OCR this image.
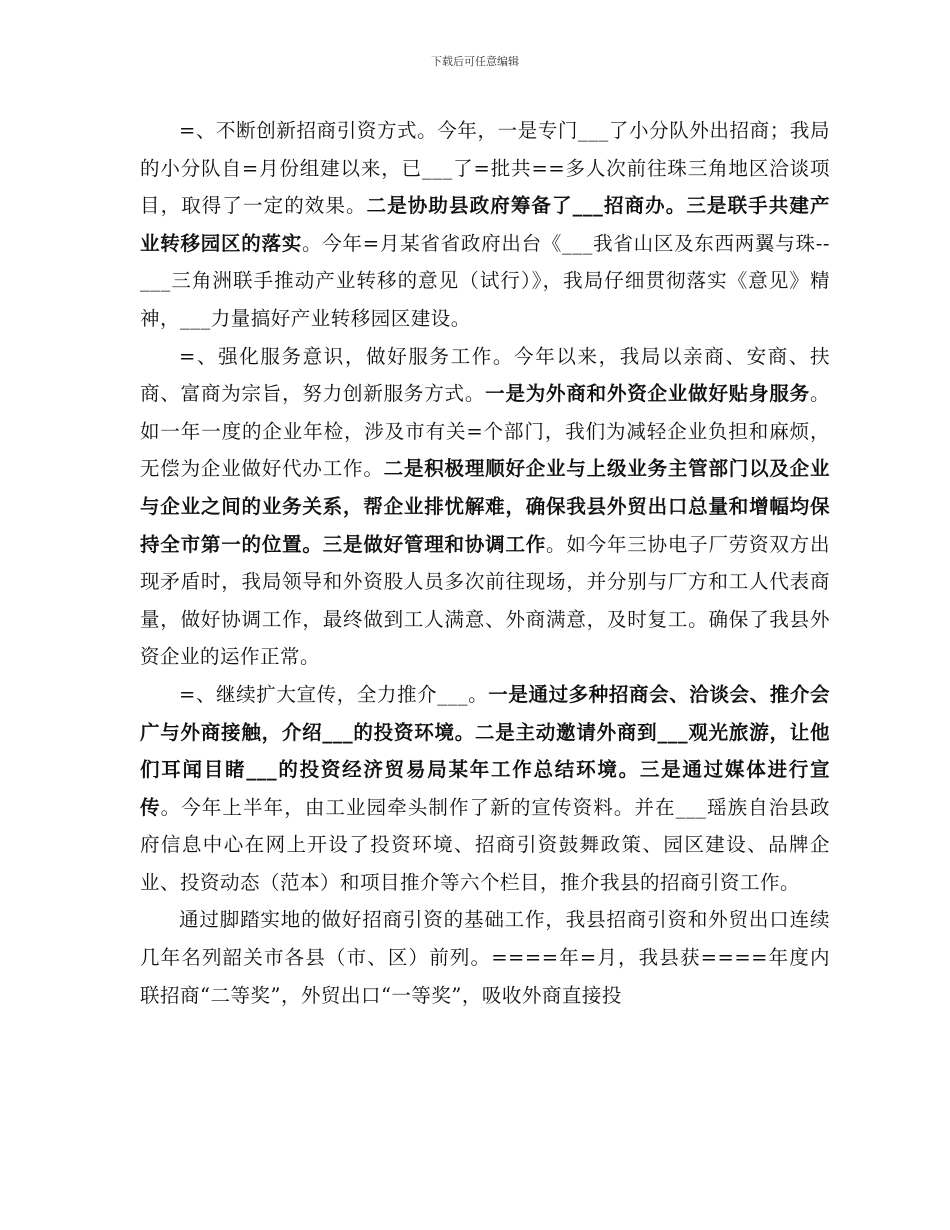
下载后可任意编辑

=、不断创新招商引资方式。今年，一是专门___了小分队外出招商；我局的小分队自=月份组建以来，已___了=批共==多人次前往珠三角地区洽谈项目，取得了一定的效果。二是协助县政府筹备了___招商办。三是联手共建产业转移园区的落实。今年=月某省省政府出台《___我省山区及东西两翼与珠--___三角洲联手推动产业转移的意见（试行）》，我局仔细贯彻落实《意见》精神，___力量搞好产业转移园区建设。

=、强化服务意识，做好服务工作。今年以来，我局以亲商、安商、扶商、富商为宗旨，努力创新服务方式。一是为外商和外资企业做好贴身服务。如一年一度的企业年检，涉及市有关=个部门，我们为减轻企业负担和麻烦，无偿为企业做好代办工作。二是积极理顺好企业与上级业务主管部门以及企业与企业之间的业务关系，帮企业排忧解难，确保我县外贸出口总量和增幅均保持全市第一的位置。三是做好管理和协调工作。如今年三协电子厂劳资双方出现矛盾时，我局领导和外资股人员多次前往现场，并分别与厂方和工人代表商量，做好协调工作，最终做到工人满意、外商满意，及时复工。确保了我县外资企业的运作正常。

=、继续扩大宣传，全力推介___。一是通过多种招商会、洽谈会、推介会广与外商接触，介绍___的投资环境。二是主动邀请外商到___观光旅游，让他们耳闻目睹___的投资经济贸易局某年工作总结环境。三是通过媒体进行宣传。今年上半年，由工业园牵头制作了新的宣传资料。并在___瑶族自治县政府信息中心在网上开设了投资环境、招商引资鼓舞政策、园区建设、品牌企业、投资动态（范本）和项目推介等六个栏目，推介我县的招商引资工作。

通过脚踏实地的做好招商引资的基础工作，我县招商引资和外贸出口连续几年名列韶关市各县（市、区）前列。====年=月，我县获====年度内联招商“二等奖”，外贸出口“一等奖”，吸收外商直接投
